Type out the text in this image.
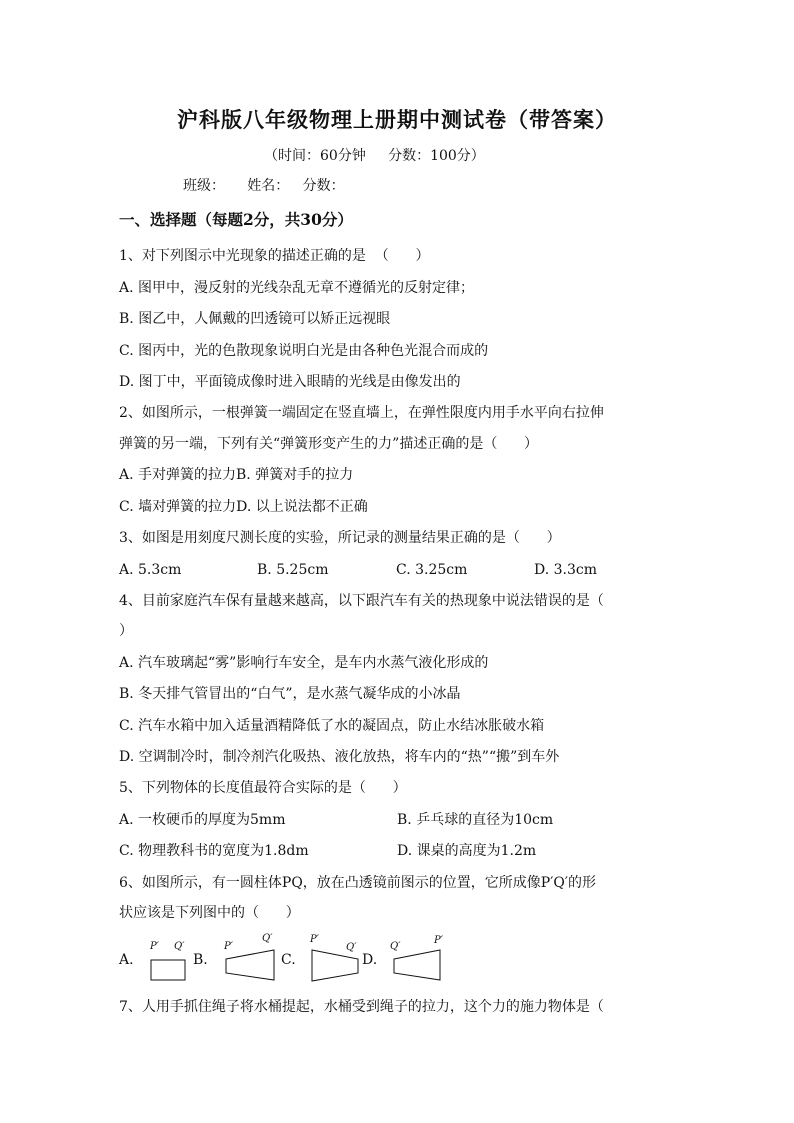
沪科版八年级物理上册期中测试卷（带答案）
（时间：60分钟     分数：100分）
班级：     姓名：   分数：
一、选择题（每题2分，共30分）
1、对下列图示中光现象的描述正确的是  （      ）
A. 图甲中，漫反射的光线杂乱无章不遵循光的反射定律；
B. 图乙中，人佩戴的凹透镜可以矫正远视眼
C. 图丙中，光的色散现象说明白光是由各种色光混合而成的
D. 图丁中，平面镜成像时进入眼睛的光线是由像发出的
2、如图所示，一根弹簧一端固定在竖直墙上，在弹性限度内用手水平向右拉伸
弹簧的另一端，下列有关“弹簧形变产生的力”描述正确的是（      ）
A. 手对弹簧的拉力B. 弹簧对手的拉力
C. 墙对弹簧的拉力D. 以上说法都不正确
3、如图是用刻度尺测长度的实验，所记录的测量结果正确的是（      ）
A. 5.3cm	B. 5.25cm	C. 3.25cm	D. 3.3cm
4、目前家庭汽车保有量越来越高，以下跟汽车有关的热现象中说法错误的是（
）
A. 汽车玻璃起“雾”影响行车安全，是车内水蒸气液化形成的
B. 冬天排气管冒出的“白气”，是水蒸气凝华成的小冰晶
C. 汽车水箱中加入适量酒精降低了水的凝固点，防止水结冰胀破水箱
D. 空调制冷时，制冷剂汽化吸热、液化放热，将车内的“热”“搬”到车外
5、下列物体的长度值最符合实际的是（      ）
A. 一枚硬币的厚度为5mm	B. 乒乓球的直径为10cm
C. 物理教科书的宽度为1.8dm	D. 课桌的高度为1.2m
6、如图所示，有一圆柱体PQ，放在凸透镜前图示的位置，它所成像P′Q′的形
状应该是下列图中的（      ）
A.
P′ Q′
B.
P′
Q′
C.
P′
Q′
D.
Q′
P′
7、人用手抓住绳子将水桶提起，水桶受到绳子的拉力，这个力的施力物体是（
